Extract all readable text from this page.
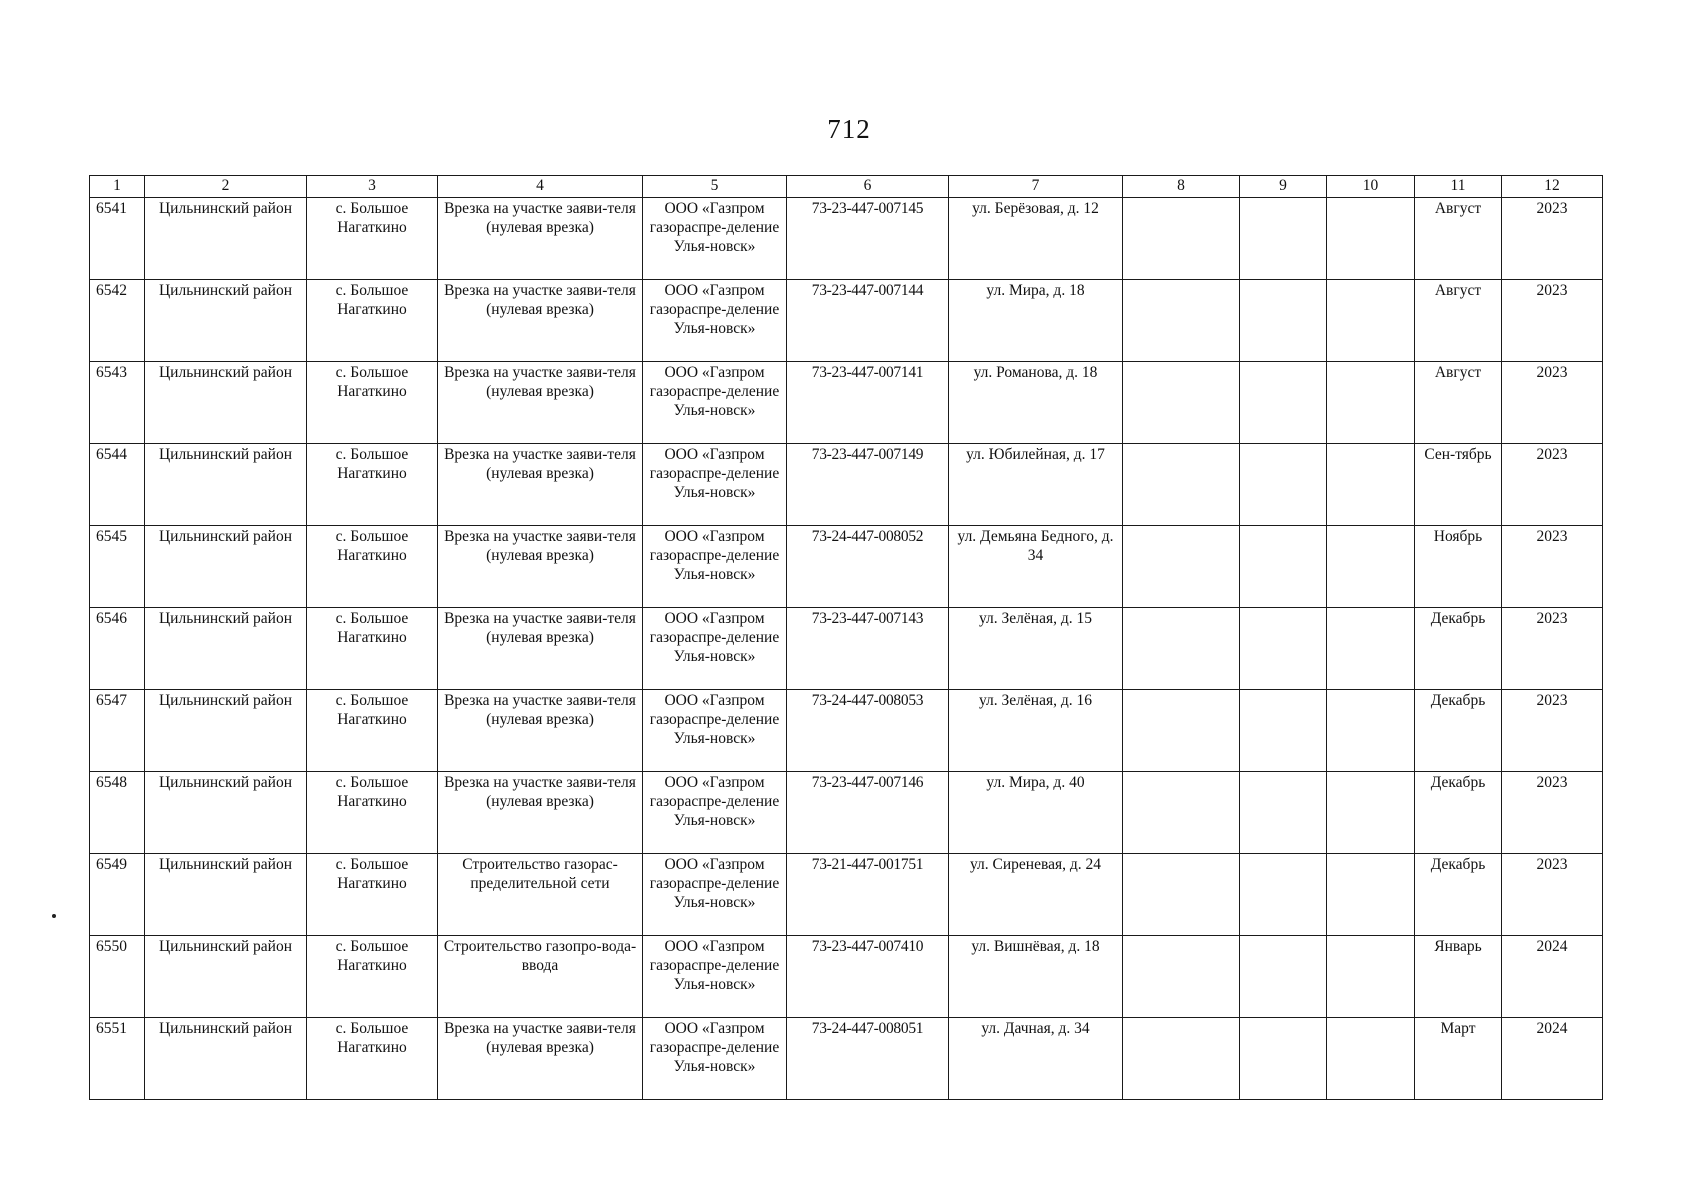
712
1	2	3	4	5	6	7	8	9	10	11	12
6541	Цильнинский район	с. Большое Нагаткино	Врезка на участке заяви-теля (нулевая врезка)	ООО «Газпром газораспре-деление Улья-новск»	73-23-447-007145	ул. Берёзовая, д. 12				Август	2023
6542	Цильнинский район	с. Большое Нагаткино	Врезка на участке заяви-теля (нулевая врезка)	ООО «Газпром газораспре-деление Улья-новск»	73-23-447-007144	ул. Мира, д. 18				Август	2023
6543	Цильнинский район	с. Большое Нагаткино	Врезка на участке заяви-теля (нулевая врезка)	ООО «Газпром газораспре-деление Улья-новск»	73-23-447-007141	ул. Романова, д. 18				Август	2023
6544	Цильнинский район	с. Большое Нагаткино	Врезка на участке заяви-теля (нулевая врезка)	ООО «Газпром газораспре-деление Улья-новск»	73-23-447-007149	ул. Юбилейная, д. 17				Сен-тябрь	2023
6545	Цильнинский район	с. Большое Нагаткино	Врезка на участке заяви-теля (нулевая врезка)	ООО «Газпром газораспре-деление Улья-новск»	73-24-447-008052	ул. Демьяна Бедного, д. 34				Ноябрь	2023
6546	Цильнинский район	с. Большое Нагаткино	Врезка на участке заяви-теля (нулевая врезка)	ООО «Газпром газораспре-деление Улья-новск»	73-23-447-007143	ул. Зелёная, д. 15				Декабрь	2023
6547	Цильнинский район	с. Большое Нагаткино	Врезка на участке заяви-теля (нулевая врезка)	ООО «Газпром газораспре-деление Улья-новск»	73-24-447-008053	ул. Зелёная, д. 16				Декабрь	2023
6548	Цильнинский район	с. Большое Нагаткино	Врезка на участке заяви-теля (нулевая врезка)	ООО «Газпром газораспре-деление Улья-новск»	73-23-447-007146	ул. Мира, д. 40				Декабрь	2023
6549	Цильнинский район	с. Большое Нагаткино	Строительство газорас-пределительной сети	ООО «Газпром газораспре-деление Улья-новск»	73-21-447-001751	ул. Сиреневая, д. 24				Декабрь	2023
6550	Цильнинский район	с. Большое Нагаткино	Строительство газопро-вода-ввода	ООО «Газпром газораспре-деление Улья-новск»	73-23-447-007410	ул. Вишнёвая, д. 18				Январь	2024
6551	Цильнинский район	с. Большое Нагаткино	Врезка на участке заяви-теля (нулевая врезка)	ООО «Газпром газораспре-деление Улья-новск»	73-24-447-008051	ул. Дачная, д. 34				Март	2024
